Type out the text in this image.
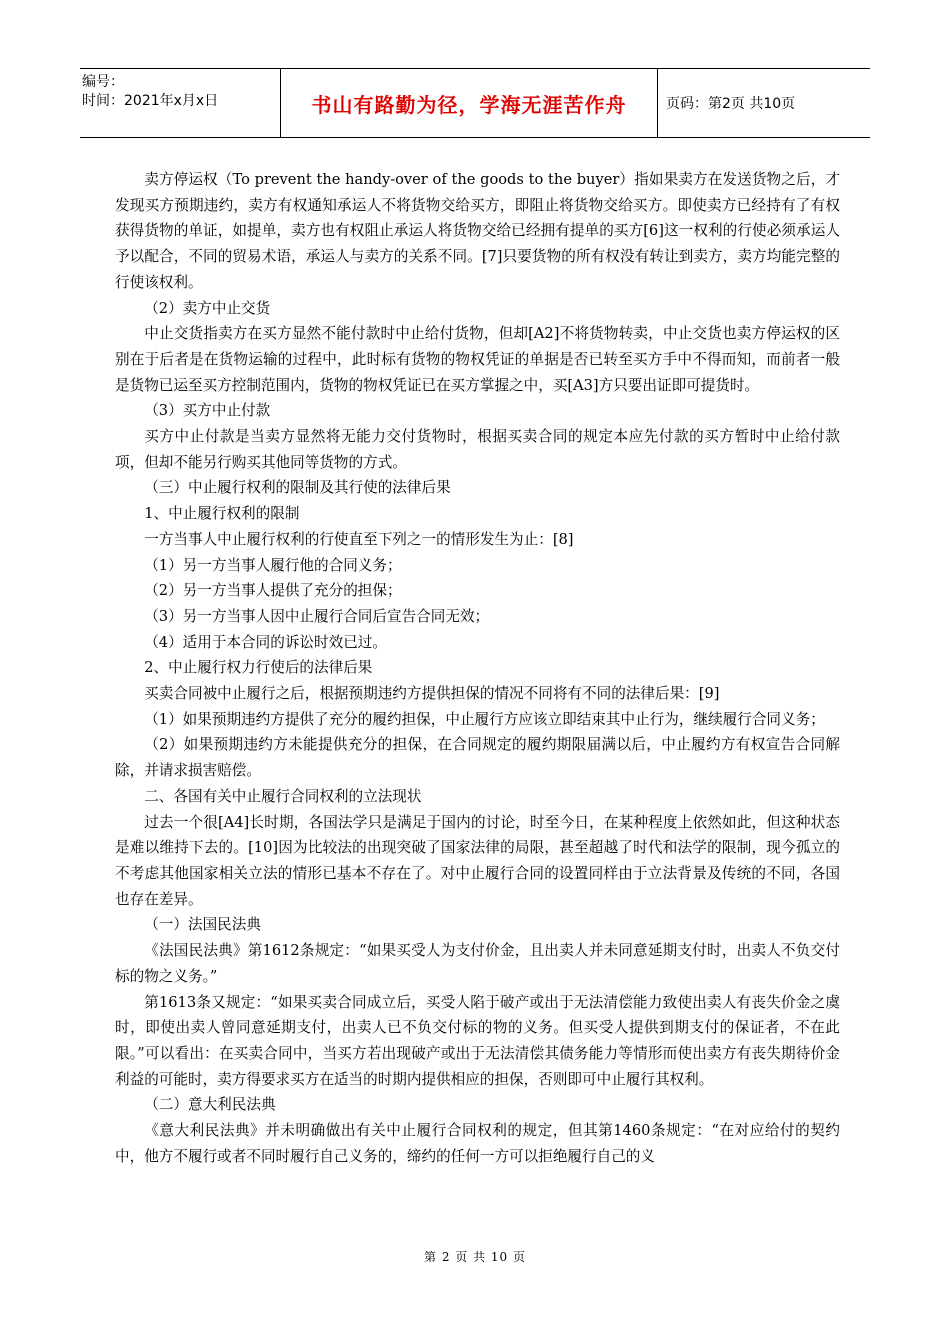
编号：
时间：2021年x月x日	书山有路勤为径，学海无涯苦作舟	页码：第2页 共10页

卖方停运权（To prevent the handy-over of the goods to the buyer）指如果卖方在发送货物之后，才发现买方预期违约，卖方有权通知承运人不将货物交给买方，即阻止将货物交给买方。即使卖方已经持有了有权获得货物的单证，如提单，卖方也有权阻止承运人将货物交给已经拥有提单的买方[6]这一权利的行使必须承运人予以配合，不同的贸易术语，承运人与卖方的关系不同。[7]只要货物的所有权没有转让到卖方，卖方均能完整的行使该权利。

（2）卖方中止交货

中止交货指卖方在买方显然不能付款时中止给付货物，但却[A2]不将货物转卖，中止交货也卖方停运权的区别在于后者是在货物运输的过程中，此时标有货物的物权凭证的单据是否已转至买方手中不得而知，而前者一般是货物已运至买方控制范围内，货物的物权凭证已在买方掌握之中，买[A3]方只要出证即可提货时。

（3）买方中止付款

买方中止付款是当卖方显然将无能力交付货物时，根据买卖合同的规定本应先付款的买方暂时中止给付款项，但却不能另行购买其他同等货物的方式。

（三）中止履行权利的限制及其行使的法律后果

1、中止履行权利的限制

一方当事人中止履行权利的行使直至下列之一的情形发生为止：[8]

（1）另一方当事人履行他的合同义务；

（2）另一方当事人提供了充分的担保；

（3）另一方当事人因中止履行合同后宣告合同无效；

（4）适用于本合同的诉讼时效已过。

2、中止履行权力行使后的法律后果

买卖合同被中止履行之后，根据预期违约方提供担保的情况不同将有不同的法律后果：[9]

（1）如果预期违约方提供了充分的履约担保，中止履行方应该立即结束其中止行为，继续履行合同义务；

（2）如果预期违约方未能提供充分的担保，在合同规定的履约期限届满以后，中止履约方有权宣告合同解除，并请求损害赔偿。

二、各国有关中止履行合同权利的立法现状

过去一个很[A4]长时期，各国法学只是满足于国内的讨论，时至今日，在某种程度上依然如此，但这种状态是难以维持下去的。[10]因为比较法的出现突破了国家法律的局限，甚至超越了时代和法学的限制，现今孤立的不考虑其他国家相关立法的情形已基本不存在了。对中止履行合同的设置同样由于立法背景及传统的不同，各国也存在差异。

（一）法国民法典

《法国民法典》第1612条规定：“如果买受人为支付价金，且出卖人并未同意延期支付时，出卖人不负交付标的物之义务。”

第1613条又规定：“如果买卖合同成立后，买受人陷于破产或出于无法清偿能力致使出卖人有丧失价金之虞时，即使出卖人曾同意延期支付，出卖人已不负交付标的物的义务。但买受人提供到期支付的保证者，不在此限。”可以看出：在买卖合同中，当买方若出现破产或出于无法清偿其债务能力等情形而使出卖方有丧失期待价金利益的可能时，卖方得要求买方在适当的时期内提供相应的担保，否则即可中止履行其权利。

（二）意大利民法典

《意大利民法典》并未明确做出有关中止履行合同权利的规定，但其第1460条规定：“在对应给付的契约中，他方不履行或者不同时履行自己义务的，缔约的任何一方可以拒绝履行自己的义

第 2 页 共 10 页
